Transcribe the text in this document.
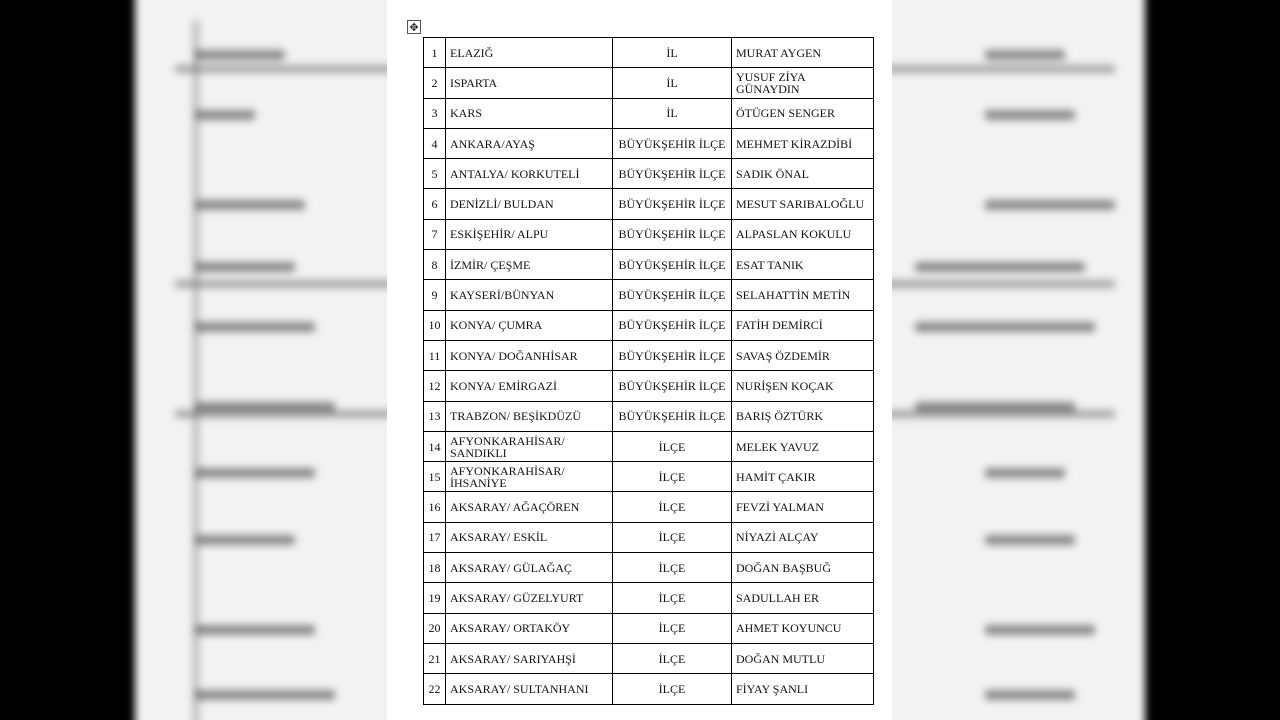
✥
1	ELAZIĞ	İL	MURAT AYGEN
2	ISPARTA	İL	YUSUF ZİYA GÜNAYDIN
3	KARS	İL	ÖTÜGEN SENGER
4	ANKARA/AYAŞ	BÜYÜKŞEHİR İLÇE	MEHMET KİRAZDİBİ
5	ANTALYA/ KORKUTELİ	BÜYÜKŞEHİR İLÇE	SADIK ÖNAL
6	DENİZLİ/ BULDAN	BÜYÜKŞEHİR İLÇE	MESUT SARIBALOĞLU
7	ESKİŞEHİR/ ALPU	BÜYÜKŞEHİR İLÇE	ALPASLAN KOKULU
8	İZMİR/ ÇEŞME	BÜYÜKŞEHİR İLÇE	ESAT TANIK
9	KAYSERİ/BÜNYAN	BÜYÜKŞEHİR İLÇE	SELAHATTİN METİN
10	KONYA/ ÇUMRA	BÜYÜKŞEHİR İLÇE	FATİH DEMİRCİ
11	KONYA/ DOĞANHİSAR	BÜYÜKŞEHİR İLÇE	SAVAŞ ÖZDEMİR
12	KONYA/ EMİRGAZİ	BÜYÜKŞEHİR İLÇE	NURİŞEN KOÇAK
13	TRABZON/ BEŞİKDÜZÜ	BÜYÜKŞEHİR İLÇE	BARIŞ ÖZTÜRK
14	AFYONKARAHİSAR/ SANDIKLI	İLÇE	MELEK YAVUZ
15	AFYONKARAHİSAR/ İHSANİYE	İLÇE	HAMİT ÇAKIR
16	AKSARAY/ AĞAÇÖREN	İLÇE	FEVZİ YALMAN
17	AKSARAY/ ESKİL	İLÇE	NİYAZİ ALÇAY
18	AKSARAY/ GÜLAĞAÇ	İLÇE	DOĞAN BAŞBUĞ
19	AKSARAY/ GÜZELYURT	İLÇE	SADULLAH ER
20	AKSARAY/ ORTAKÖY	İLÇE	AHMET KOYUNCU
21	AKSARAY/ SARIYAHŞİ	İLÇE	DOĞAN MUTLU
22	AKSARAY/ SULTANHANI	İLÇE	FİYAY ŞANLI
